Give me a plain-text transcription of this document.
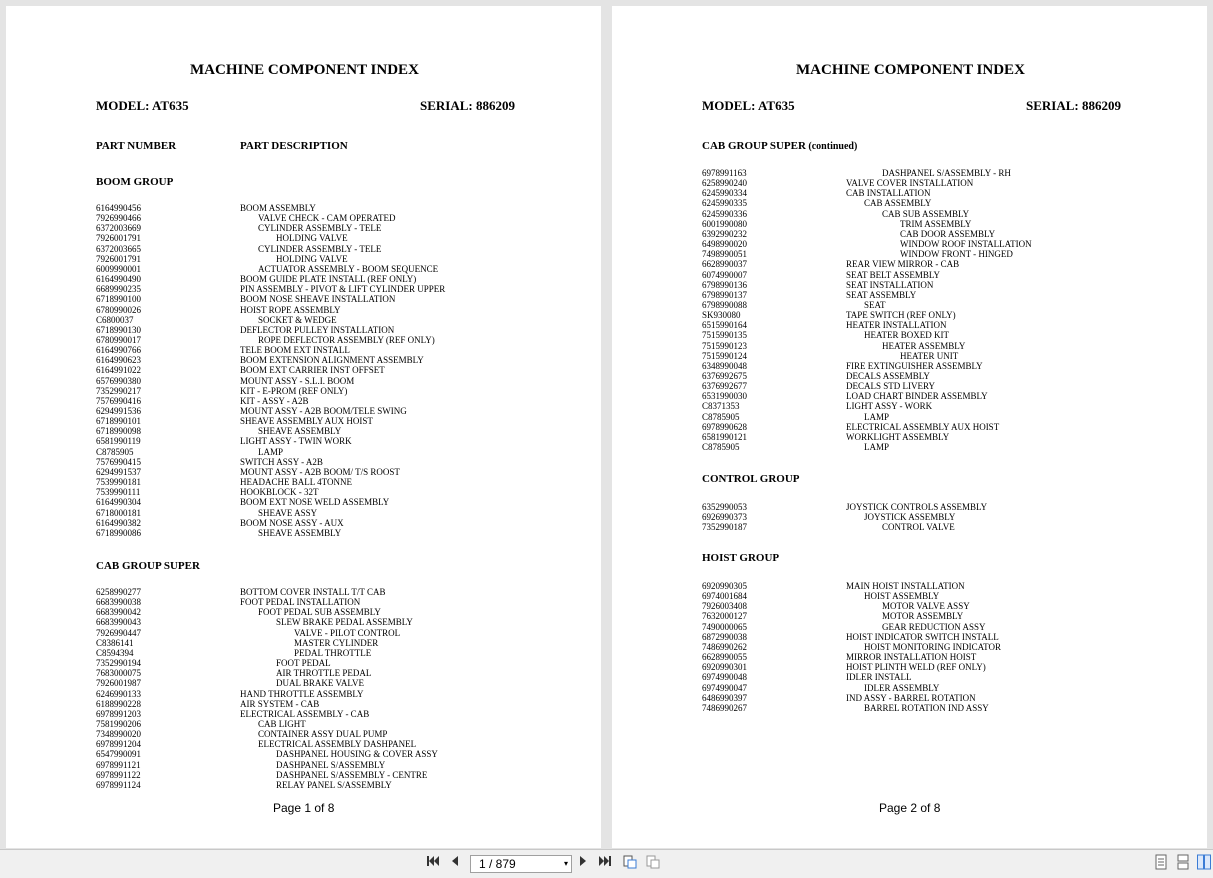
MACHINE COMPONENT INDEX
MODEL: AT635	SERIAL: 886209
PART NUMBER	PART DESCRIPTION
BOOM GROUP
6164990456	BOOM ASSEMBLY
7926990466	VALVE CHECK - CAM OPERATED
6372003669	CYLINDER ASSEMBLY - TELE
7926001791	HOLDING VALVE
6372003665	CYLINDER ASSEMBLY - TELE
7926001791	HOLDING VALVE
6009990001	ACTUATOR ASSEMBLY - BOOM SEQUENCE
6164990490	BOOM GUIDE PLATE INSTALL (REF ONLY)
6689990235	PIN ASSEMBLY - PIVOT & LIFT CYLINDER UPPER
6718990100	BOOM NOSE SHEAVE INSTALLATION
6780990026	HOIST ROPE ASSEMBLY
C6800037	SOCKET & WEDGE
6718990130	DEFLECTOR PULLEY INSTALLATION
6780990017	ROPE DEFLECTOR ASSEMBLY (REF ONLY)
6164990766	TELE BOOM EXT INSTALL
6164990623	BOOM EXTENSION ALIGNMENT ASSEMBLY
6164991022	BOOM EXT CARRIER INST OFFSET
6576990380	MOUNT ASSY - S.L.I. BOOM
7352990217	KIT - E-PROM (REF ONLY)
7576990416	KIT - ASSY - A2B
6294991536	MOUNT ASSY - A2B BOOM/TELE SWING
6718990101	SHEAVE ASSEMBLY AUX HOIST
6718990098	SHEAVE ASSEMBLY
6581990119	LIGHT ASSY - TWIN WORK
C8785905	LAMP
7576990415	SWITCH ASSY - A2B
6294991537	MOUNT ASSY - A2B BOOM/ T/S ROOST
7539990181	HEADACHE BALL 4TONNE
7539990111	HOOKBLOCK - 32T
6164990304	BOOM EXT NOSE WELD ASSEMBLY
6718000181	SHEAVE ASSY
6164990382	BOOM NOSE ASSY - AUX
6718990086	SHEAVE ASSEMBLY
CAB GROUP SUPER
6258990277	BOTTOM COVER INSTALL T/T CAB
6683990038	FOOT PEDAL INSTALLATION
6683990042	FOOT PEDAL SUB ASSEMBLY
6683990043	SLEW BRAKE PEDAL ASSEMBLY
7926990447	VALVE - PILOT CONTROL
C8386141	MASTER CYLINDER
C8594394	PEDAL THROTTLE
7352990194	FOOT PEDAL
7683000075	AIR THROTTLE PEDAL
7926001987	DUAL BRAKE VALVE
6246990133	HAND THROTTLE ASSEMBLY
6188990228	AIR SYSTEM - CAB
6978991203	ELECTRICAL ASSEMBLY - CAB
7581990206	CAB LIGHT
7348990020	CONTAINER ASSY DUAL PUMP
6978991204	ELECTRICAL ASSEMBLY DASHPANEL
6547990091	DASHPANEL HOUSING & COVER ASSY
6978991121	DASHPANEL S/ASSEMBLY
6978991122	DASHPANEL S/ASSEMBLY - CENTRE
6978991124	RELAY PANEL S/ASSEMBLY
Page 1 of 8
MACHINE COMPONENT INDEX
MODEL: AT635	SERIAL: 886209
CAB GROUP SUPER (continued)
6978991163	DASHPANEL S/ASSEMBLY - RH
6258990240	VALVE COVER INSTALLATION
6245990334	CAB INSTALLATION
6245990335	CAB ASSEMBLY
6245990336	CAB SUB ASSEMBLY
6001990080	TRIM ASSEMBLY
6392990232	CAB DOOR ASSEMBLY
6498990020	WINDOW ROOF INSTALLATION
7498990051	WINDOW FRONT - HINGED
6628990037	REAR VIEW MIRROR - CAB
6074990007	SEAT BELT ASSEMBLY
6798990136	SEAT INSTALLATION
6798990137	SEAT ASSEMBLY
6798990088	SEAT
SK930080	TAPE SWITCH (REF ONLY)
6515990164	HEATER INSTALLATION
7515990135	HEATER BOXED KIT
7515990123	HEATER ASSEMBLY
7515990124	HEATER UNIT
6348990048	FIRE EXTINGUISHER ASSEMBLY
6376992675	DECALS ASSEMBLY
6376992677	DECALS STD LIVERY
6531990030	LOAD CHART BINDER ASSEMBLY
C8371353	LIGHT ASSY - WORK
C8785905	LAMP
6978990628	ELECTRICAL ASSEMBLY AUX HOIST
6581990121	WORKLIGHT ASSEMBLY
C8785905	LAMP
CONTROL GROUP
6352990053	JOYSTICK CONTROLS ASSEMBLY
6926990373	JOYSTICK ASSEMBLY
7352990187	CONTROL VALVE
HOIST GROUP
6920990305	MAIN HOIST INSTALLATION
6974001684	HOIST ASSEMBLY
7926003408	MOTOR VALVE ASSY
7632000127	MOTOR ASSEMBLY
7490000065	GEAR REDUCTION ASSY
6872990038	HOIST INDICATOR SWITCH INSTALL
7486990262	HOIST MONITORING INDICATOR
6628990055	MIRROR INSTALLATION HOIST
6920990301	HOIST PLINTH WELD (REF ONLY)
6974990048	IDLER INSTALL
6974990047	IDLER ASSEMBLY
6486990397	IND ASSY - BARREL ROTATION
7486990267	BARREL ROTATION IND ASSY
Page 2 of 8
1 / 879	▾
